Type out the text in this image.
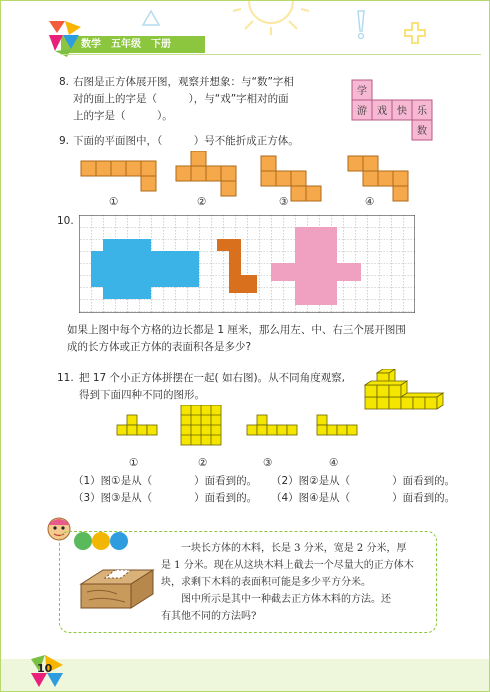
数学　五年级　下册
8. 右图是正方体展开图，观察并想象：与“数”字相
对的面上的字是（　　　），与“戏”字相对的面
上的字是（　　　）。
学
游 戏 快 乐
数
9. 下面的平面图中，（　　　）号不能折成正方体。
①	②	③	④
10.
如果上图中每个方格的边长都是 1 厘米，那么用左、中、右三个展开图围
成的长方体或正方体的表面积各是多少?
11. 把 17 个小正方体拼摆在一起( 如右图)。从不同角度观察,
得到下面四种不同的图形。
①	②	③	④
（1）图①是从（　　　　）面看到的。 （2）图②是从（　　　　）面看到的。
（3）图③是从（　　　　）面看到的。 （4）图④是从（　　　　）面看到的。
一块长方体的木料，长是 3 分米，宽是 2 分米，厚
是 1 分米。现在从这块木料上截去一个尽量大的正方体木
块，求剩下木料的表面积可能是多少平方分米。
图中所示是其中一种截去正方体木料的方法。还
有其他不同的方法吗?
10
